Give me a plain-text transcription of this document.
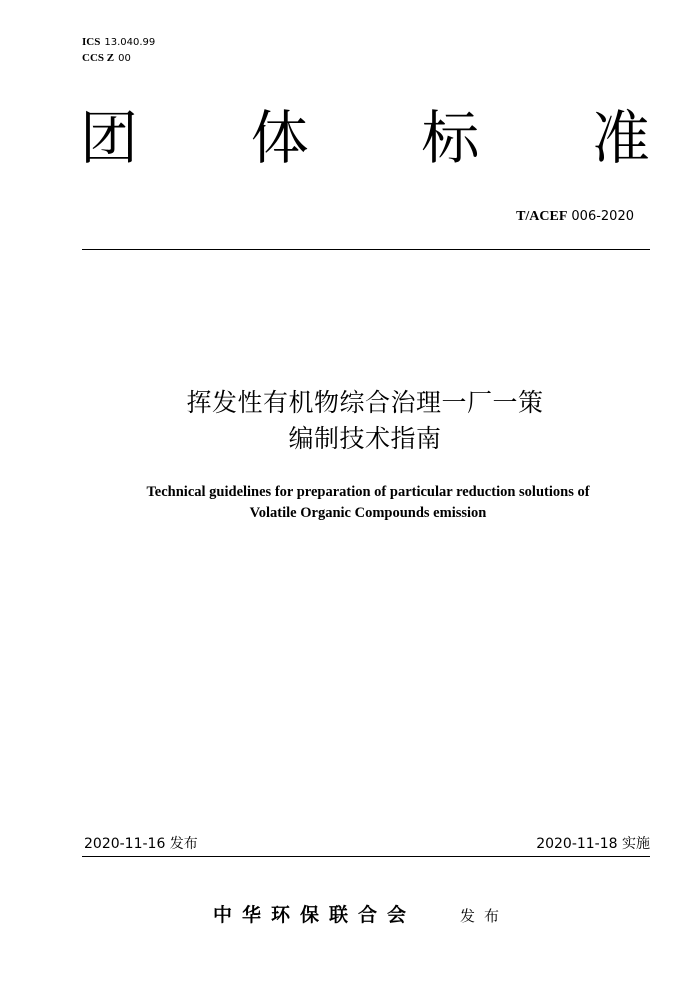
ICS 13.040.99
CCS Z 00
团 体 标 准
T/ACEF 006-2020
挥发性有机物综合治理一厂一策
编制技术指南
Technical guidelines for preparation of particular reduction solutions of
Volatile Organic Compounds emission
2020-11-16 发布	2020-11-18 实施
中华环保联合会	发布
